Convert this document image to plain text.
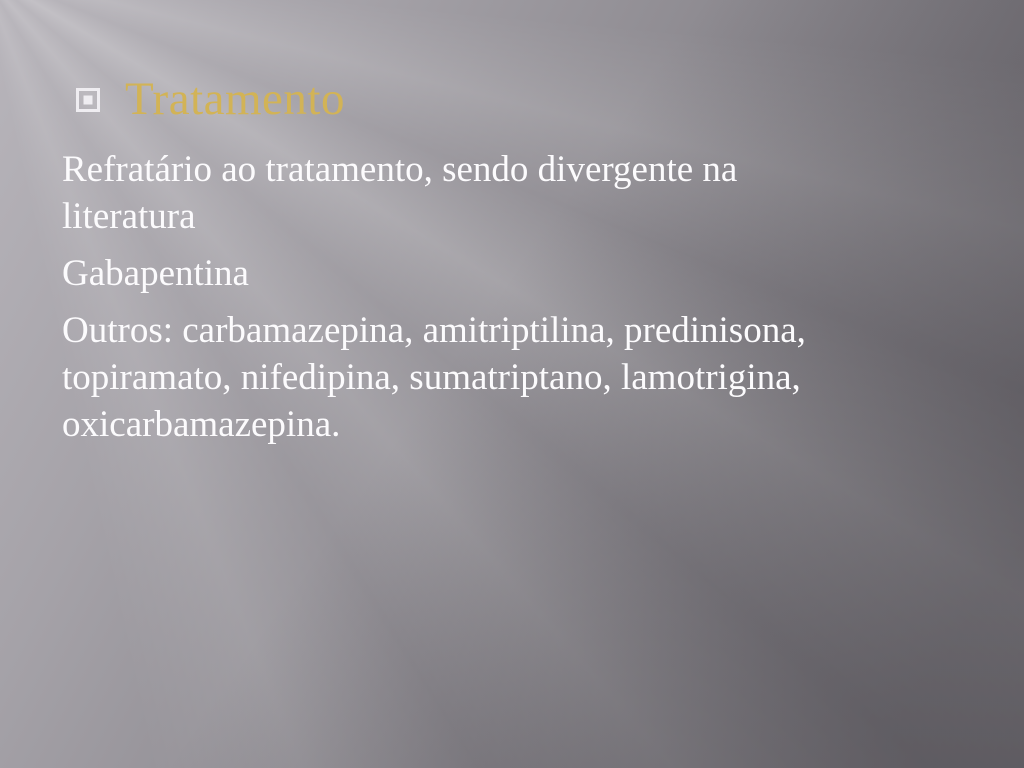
Tratamento
Refratário ao tratamento, sendo divergente na
literatura
Gabapentina
Outros: carbamazepina, amitriptilina, predinisona,
topiramato, nifedipina, sumatriptano, lamotrigina,
oxicarbamazepina.
